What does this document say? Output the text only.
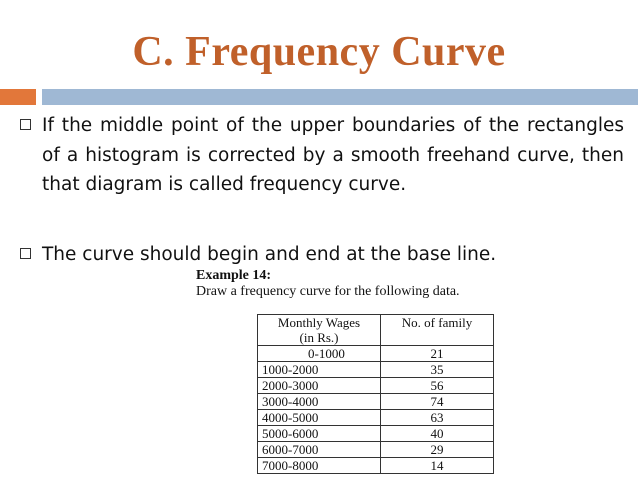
C. Frequency Curve
If the middle point of the upper boundaries of the rectangles of a histogram is corrected by a smooth freehand curve, then that diagram is called frequency curve.
The curve should begin and end at the base line.
Example 14:
Draw a frequency curve for the following data.
Monthly Wages
(in Rs.)	No. of family
0-1000	21
1000-2000	35
2000-3000	56
3000-4000	74
4000-5000	63
5000-6000	40
6000-7000	29
7000-8000	14
